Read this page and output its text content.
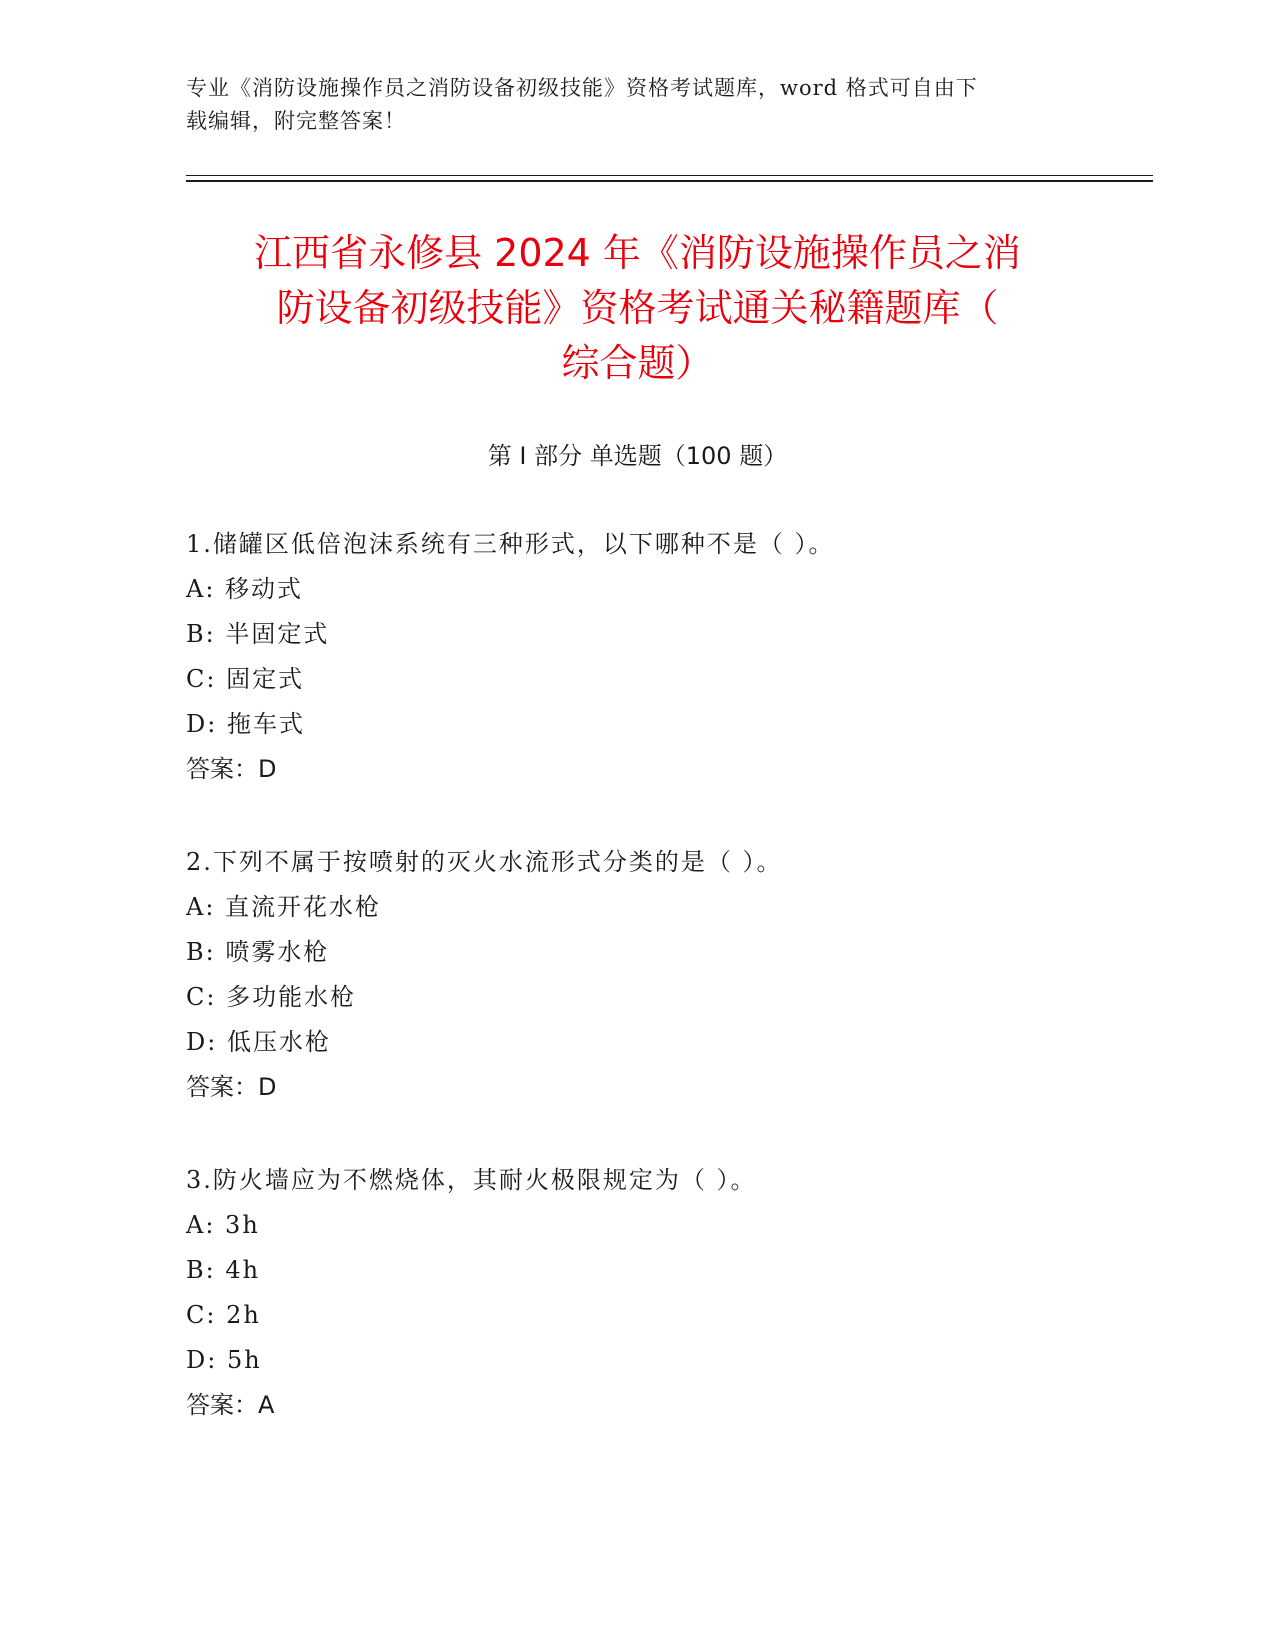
专业《消防设施操作员之消防设备初级技能》资格考试题库，word 格式可自由下
载编辑，附完整答案！
江西省永修县 2024 年《消防设施操作员之消
防设备初级技能》资格考试通关秘籍题库（
综合题）
第 I 部分 单选题（100 题）
1.储罐区低倍泡沫系统有三种形式，以下哪种不是（ ）。
A: 移动式
B: 半固定式
C: 固定式
D: 拖车式
答案：D
2.下列不属于按喷射的灭火水流形式分类的是（ ）。
A: 直流开花水枪
B: 喷雾水枪
C: 多功能水枪
D: 低压水枪
答案：D
3.防火墙应为不燃烧体，其耐火极限规定为（ ）。
A: 3h
B: 4h
C: 2h
D: 5h
答案：A
